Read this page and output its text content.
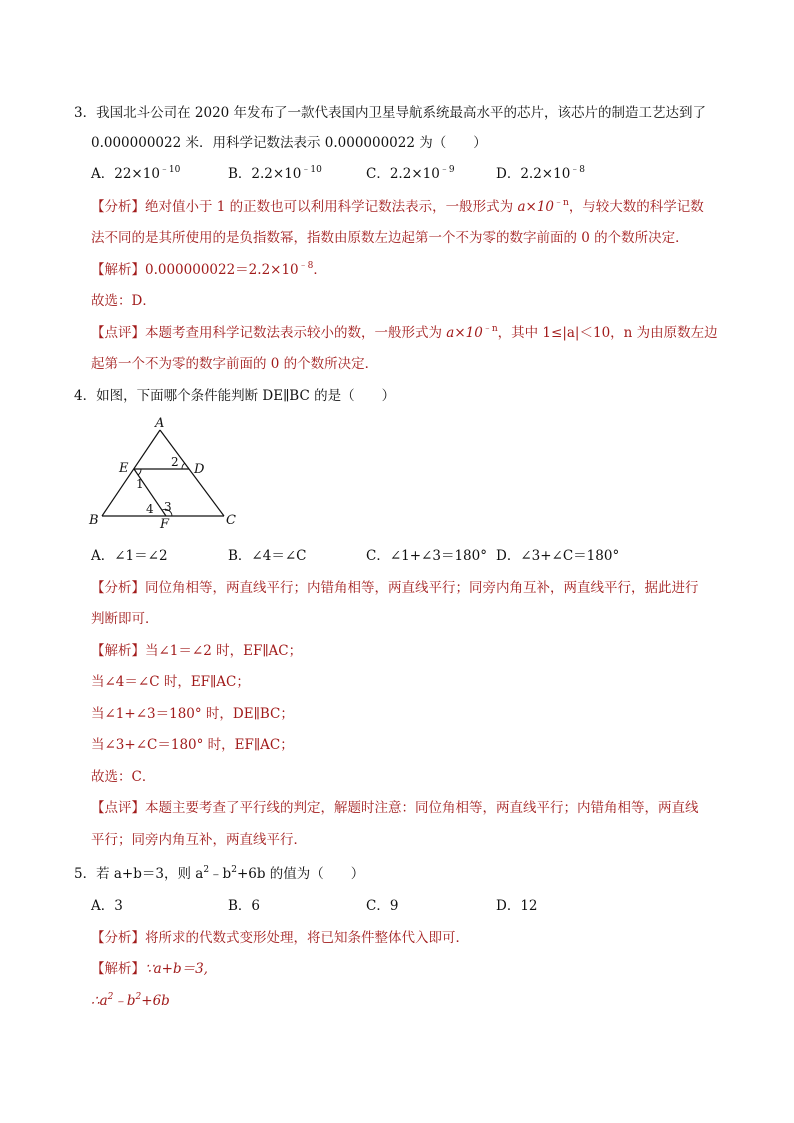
3．我国北斗公司在 2020 年发布了一款代表国内卫星导航系统最高水平的芯片，该芯片的制造工艺达到了
0.000000022 米．用科学记数法表示 0.000000022 为（　　）
A．$22\times 10^{﹣10}$	B．$2.2\times 10^{﹣10}$	C．$2.2\times 10^{﹣9}$	D．$2.2\times 10^{﹣8}$
【分析】绝对值小于 1 的正数也可以利用科学记数法表示，一般形式为 $a\times 10^{﹣n}$，与较大数的科学记数
法不同的是其所使用的是负指数幂，指数由原数左边起第一个不为零的数字前面的 0 的个数所决定．
【解析】$0.000000022=2.2\times 10^{﹣8}$．
故选：D．
【点评】本题考查用科学记数法表示较小的数，一般形式为 $a\times 10^{﹣n}$，其中 1≤|a|＜10，n 为由原数左边
起第一个不为零的数字前面的 0 的个数所决定．
4．如图，下面哪个条件能判断 DE∥BC 的是（　　）
A
E	D
B	C
F
1
2
3
4
A．∠1＝∠2	B．∠4＝∠C	C．∠1+∠3＝180° D．∠3+∠C＝180°
【分析】同位角相等，两直线平行；内错角相等，两直线平行；同旁内角互补，两直线平行，据此进行
判断即可．
【解析】当∠1＝∠2 时，EF∥AC；
当∠4＝∠C 时，EF∥AC；
当∠1+∠3＝180° 时，DE∥BC；
当∠3+∠C＝180° 时，EF∥AC；
故选：C．
【点评】本题主要考查了平行线的判定，解题时注意：同位角相等，两直线平行；内错角相等，两直线
平行；同旁内角互补，两直线平行．
5．若 a+b＝3，则 $a^2﹣b^2+6b$ 的值为（　　）
A．3	B．6	C．9	D．12
【分析】将所求的代数式变形处理，将已知条件整体代入即可．
【解析】∵a+b＝3,
$\therefore a^2﹣b^2+6b$
